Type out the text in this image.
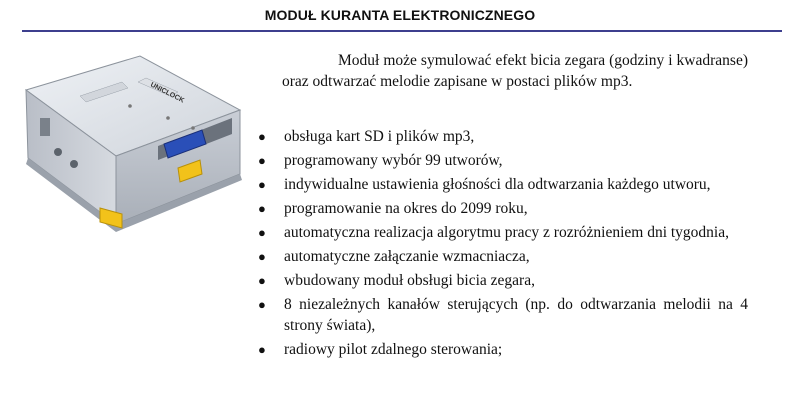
MODUŁ KURANTA ELEKTRONICZNEGO
UNICLOCK

Moduł może symulować efekt bicia zegara (godziny i kwadranse) oraz odtwarzać melodie zapisane w postaci plików mp3.

● obsługa kart SD i plików mp3,
● programowany wybór 99 utworów,
● indywidualne ustawienia głośności dla odtwarzania każdego utworu,
● programowanie na okres do 2099 roku,
● automatyczna realizacja algorytmu pracy z rozróżnieniem dni tygodnia,
● automatyczne załączanie wzmacniacza,
● wbudowany moduł obsługi bicia zegara,
● 8 niezależnych kanałów sterujących (np. do odtwarzania melodii na 4 strony świata),
● radiowy pilot zdalnego sterowania;
